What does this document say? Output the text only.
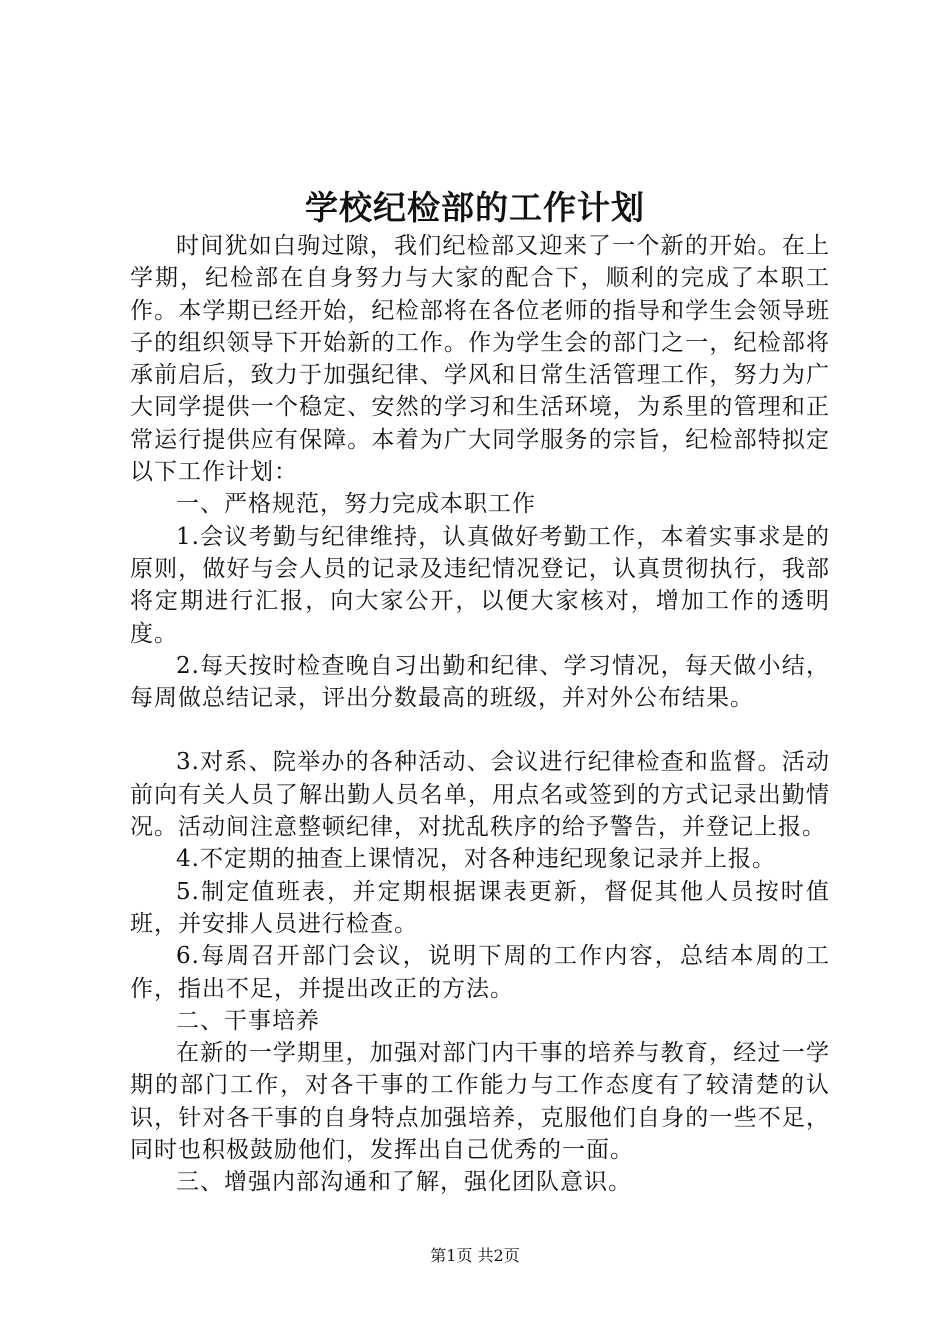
学校纪检部的工作计划

时间犹如白驹过隙，我们纪检部又迎来了一个新的开始。在上学期，纪检部在自身努力与大家的配合下，顺利的完成了本职工作。本学期已经开始，纪检部将在各位老师的指导和学生会领导班子的组织领导下开始新的工作。作为学生会的部门之一，纪检部将承前启后，致力于加强纪律、学风和日常生活管理工作，努力为广大同学提供一个稳定、安然的学习和生活环境，为系里的管理和正常运行提供应有保障。本着为广大同学服务的宗旨，纪检部特拟定以下工作计划：

一、严格规范，努力完成本职工作

1.会议考勤与纪律维持，认真做好考勤工作，本着实事求是的原则，做好与会人员的记录及违纪情况登记，认真贯彻执行，我部将定期进行汇报，向大家公开，以便大家核对，增加工作的透明度。

2.每天按时检查晚自习出勤和纪律、学习情况，每天做小结，每周做总结记录，评出分数最高的班级，并对外公布结果。

3.对系、院举办的各种活动、会议进行纪律检查和监督。活动前向有关人员了解出勤人员名单，用点名或签到的方式记录出勤情况。活动间注意整顿纪律，对扰乱秩序的给予警告，并登记上报。

4.不定期的抽查上课情况，对各种违纪现象记录并上报。

5.制定值班表，并定期根据课表更新，督促其他人员按时值班，并安排人员进行检查。

6.每周召开部门会议，说明下周的工作内容，总结本周的工作，指出不足，并提出改正的方法。

二、干事培养

在新的一学期里，加强对部门内干事的培养与教育，经过一学期的部门工作，对各干事的工作能力与工作态度有了较清楚的认识，针对各干事的自身特点加强培养，克服他们自身的一些不足，同时也积极鼓励他们，发挥出自己优秀的一面。

三、增强内部沟通和了解，强化团队意识。

第1页 共2页
